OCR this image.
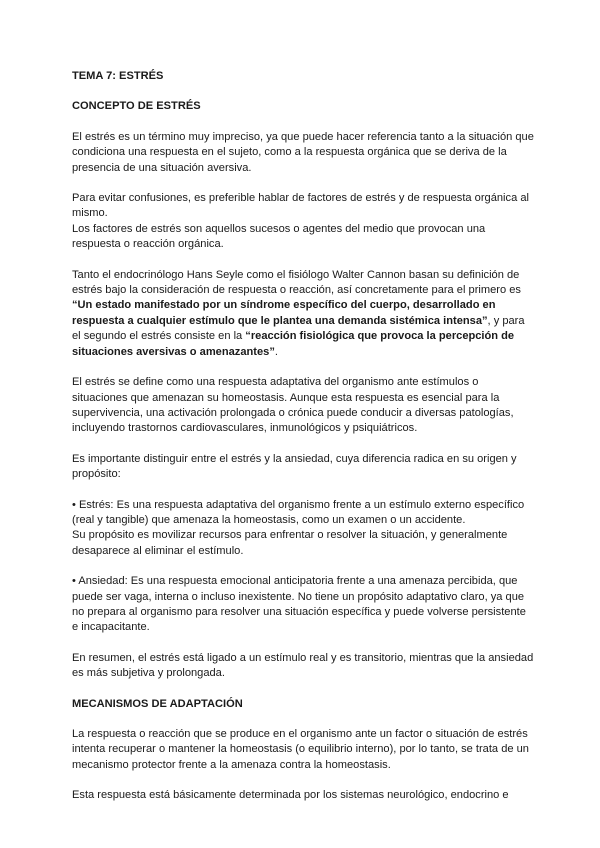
TEMA 7: ESTRÉS
CONCEPTO DE ESTRÉS

El estrés es un término muy impreciso, ya que puede hacer referencia tanto a la situación que condiciona una respuesta en el sujeto, como a la respuesta orgánica que se deriva de la presencia de una situación aversiva.

Para evitar confusiones, es preferible hablar de factores de estrés y de respuesta orgánica al mismo.

Los factores de estrés son aquellos sucesos o agentes del medio que provocan una respuesta o reacción orgánica.

Tanto el endocrinólogo Hans Seyle como el fisiólogo Walter Cannon basan su definición de estrés bajo la consideración de respuesta o reacción, así concretamente para el primero es “Un estado manifestado por un síndrome específico del cuerpo, desarrollado en respuesta a cualquier estímulo que le plantea una demanda sistémica intensa”, y para el segundo el estrés consiste en la “reacción fisiológica que provoca la percepción de situaciones aversivas o amenazantes”.

El estrés se define como una respuesta adaptativa del organismo ante estímulos o situaciones que amenazan su homeostasis. Aunque esta respuesta es esencial para la supervivencia, una activación prolongada o crónica puede conducir a diversas patologías, incluyendo trastornos cardiovasculares, inmunológicos y psiquiátricos.

Es importante distinguir entre el estrés y la ansiedad, cuya diferencia radica en su origen y propósito:

• Estrés: Es una respuesta adaptativa del organismo frente a un estímulo externo específico (real y tangible) que amenaza la homeostasis, como un examen o un accidente.

Su propósito es movilizar recursos para enfrentar o resolver la situación, y generalmente desaparece al eliminar el estímulo.

• Ansiedad: Es una respuesta emocional anticipatoria frente a una amenaza percibida, que puede ser vaga, interna o incluso inexistente. No tiene un propósito adaptativo claro, ya que no prepara al organismo para resolver una situación específica y puede volverse persistente e incapacitante.

En resumen, el estrés está ligado a un estímulo real y es transitorio, mientras que la ansiedad es más subjetiva y prolongada.

MECANISMOS DE ADAPTACIÓN

La respuesta o reacción que se produce en el organismo ante un factor o situación de estrés intenta recuperar o mantener la homeostasis (o equilibrio interno), por lo tanto, se trata de un mecanismo protector frente a la amenaza contra la homeostasis.

Esta respuesta está básicamente determinada por los sistemas neurológico, endocrino e
